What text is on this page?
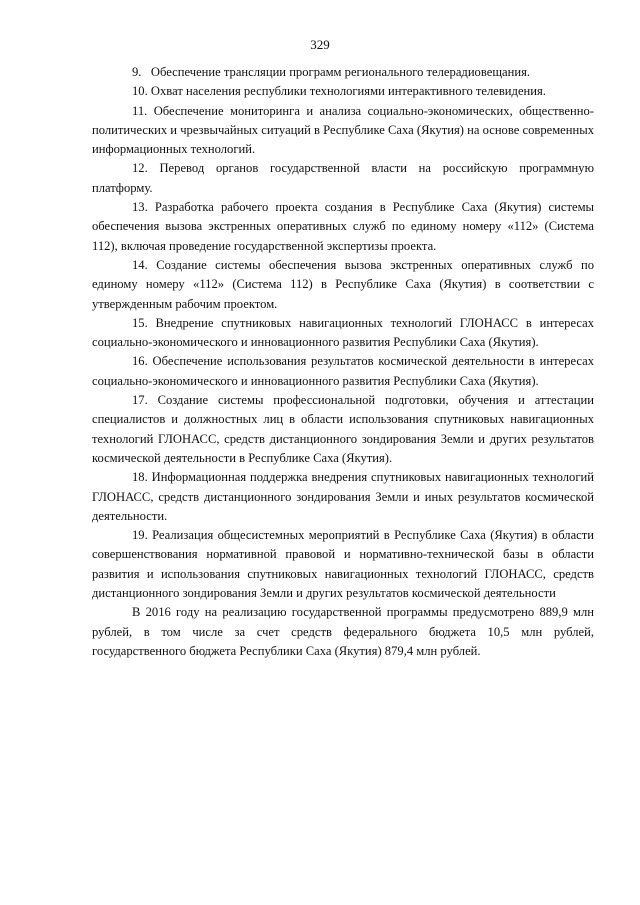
329

9.   Обеспечение трансляции программ регионального телерадиовещания.

10. Охват населения республики технологиями интерактивного телевидения.

11. Обеспечение мониторинга и анализа социально-экономических, общественно-политических и чрезвычайных ситуаций в Республике Саха (Якутия) на основе современных информационных технологий.

12. Перевод органов государственной власти на российскую программную платформу.

13. Разработка рабочего проекта создания в Республике Саха (Якутия) системы обеспечения вызова экстренных оперативных служб по единому номеру «112» (Система 112), включая проведение государственной экспертизы проекта.

14. Создание системы обеспечения вызова экстренных оперативных служб по единому номеру «112» (Система 112) в Республике Саха (Якутия) в соответствии с утвержденным рабочим проектом.

15. Внедрение спутниковых навигационных технологий ГЛОНАСС в интересах социально-экономического и инновационного развития Республики Саха (Якутия).

16. Обеспечение использования результатов космической деятельности в интересах социально-экономического и инновационного развития Республики Саха (Якутия).

17. Создание системы профессиональной подготовки, обучения и аттестации специалистов и должностных лиц в области использования спутниковых навигационных технологий ГЛОНАСС, средств дистанционного зондирования Земли и других результатов космической деятельности в Республике Саха (Якутия).

18. Информационная поддержка внедрения спутниковых навигационных технологий ГЛОНАСС, средств дистанционного зондирования Земли и иных результатов космической деятельности.

19. Реализация общесистемных мероприятий в Республике Саха (Якутия) в области совершенствования нормативной правовой и нормативно-технической базы в области развития и использования спутниковых навигационных технологий ГЛОНАСС, средств дистанционного зондирования Земли и других результатов космической деятельности

В 2016 году на реализацию государственной программы предусмотрено 889,9 млн рублей, в том числе за счет средств федерального бюджета 10,5 млн рублей, государственного бюджета Республики Саха (Якутия) 879,4 млн рублей.
